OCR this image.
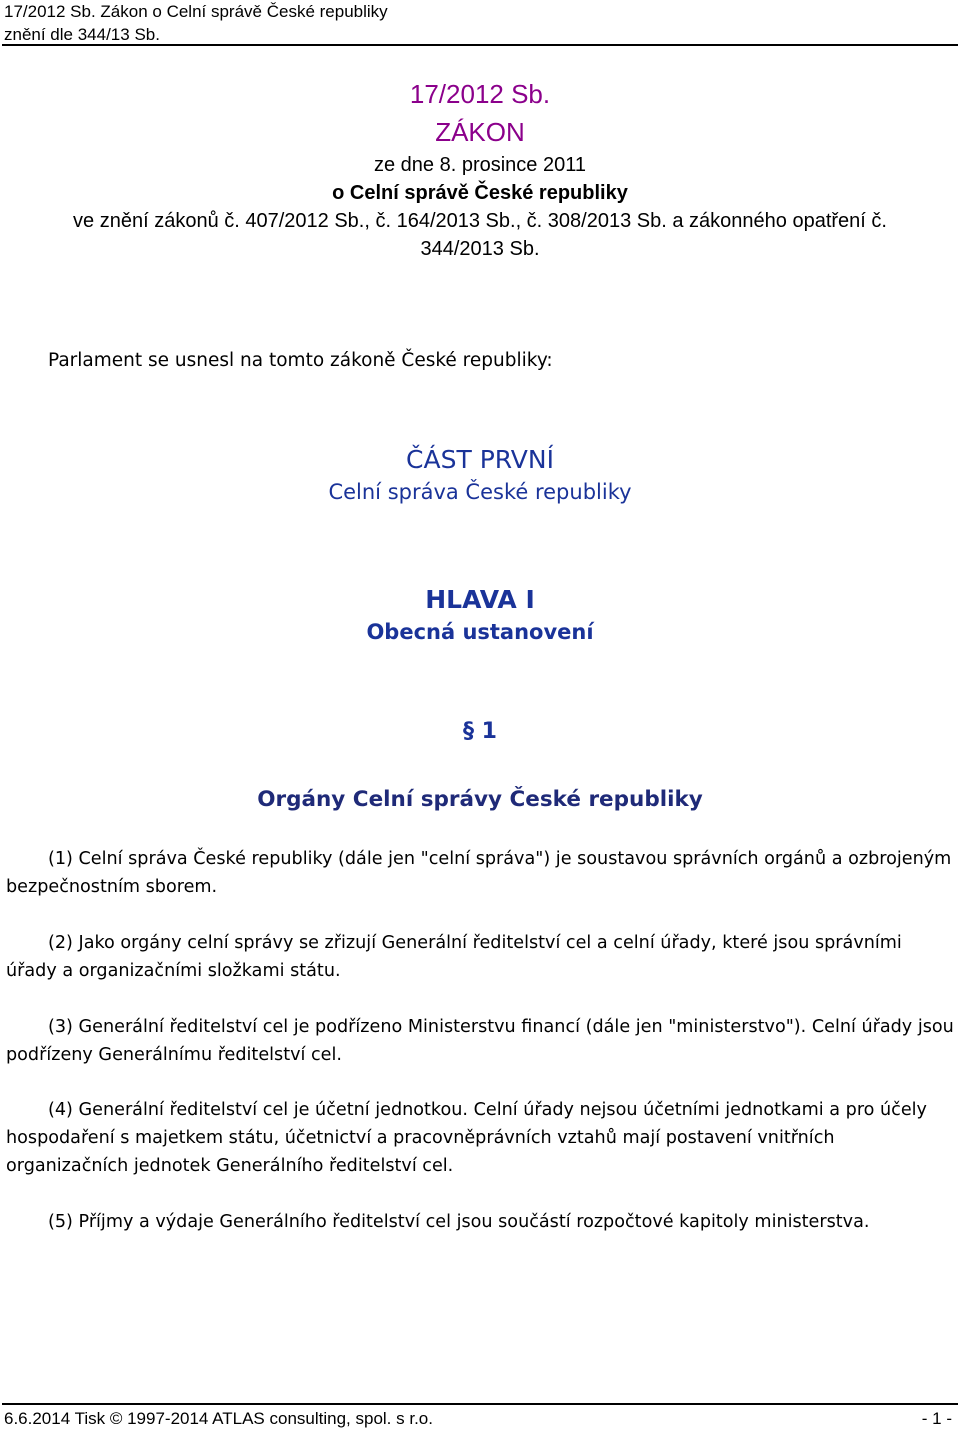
17/2012 Sb. Zákon o Celní správě České republiky
znění dle 344/13 Sb.
17/2012 Sb.
ZÁKON
ze dne 8. prosince 2011
o Celní správě České republiky
ve znění zákonů č. 407/2012 Sb., č. 164/2013 Sb., č. 308/2013 Sb. a zákonného opatření č.
344/2013 Sb.
Parlament se usnesl na tomto zákoně České republiky:
ČÁST PRVNÍ
Celní správa České republiky
HLAVA I
Obecná ustanovení
§ 1
Orgány Celní správy České republiky

(1) Celní správa České republiky (dále jen "celní správa") je soustavou správních orgánů a ozbrojeným bezpečnostním sborem.

(2) Jako orgány celní správy se zřizují Generální ředitelství cel a celní úřady, které jsou správními úřady a organizačními složkami státu.

(3) Generální ředitelství cel je podřízeno Ministerstvu financí (dále jen "ministerstvo"). Celní úřady jsou podřízeny Generálnímu ředitelství cel.

(4) Generální ředitelství cel je účetní jednotkou. Celní úřady nejsou účetními jednotkami a pro účely hospodaření s majetkem státu, účetnictví a pracovněprávních vztahů mají postavení vnitřních organizačních jednotek Generálního ředitelství cel.

(5) Příjmy a výdaje Generálního ředitelství cel jsou součástí rozpočtové kapitoly ministerstva.

6.6.2014 Tisk © 1997-2014 ATLAS consulting, spol. s r.o.	- 1 -
